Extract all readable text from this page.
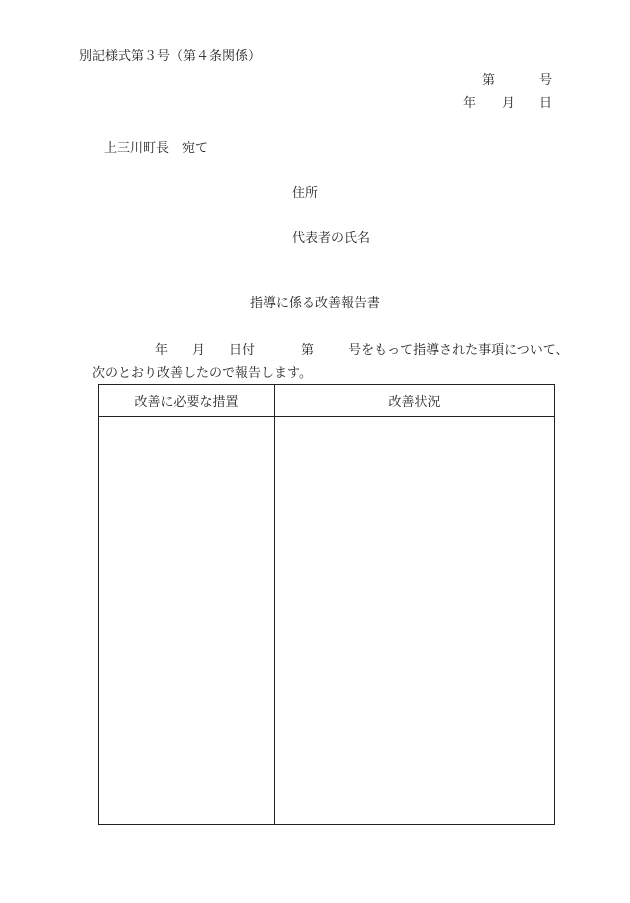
別記様式第３号（第４条関係）
第	号
年 月 日
上三川町長　宛て
住所
代表者の氏名
指導に係る改善報告書
年 月 日付	第	号をもって指導された事項について、
次のとおり改善したので報告します。
改善に必要な措置	改善状況
